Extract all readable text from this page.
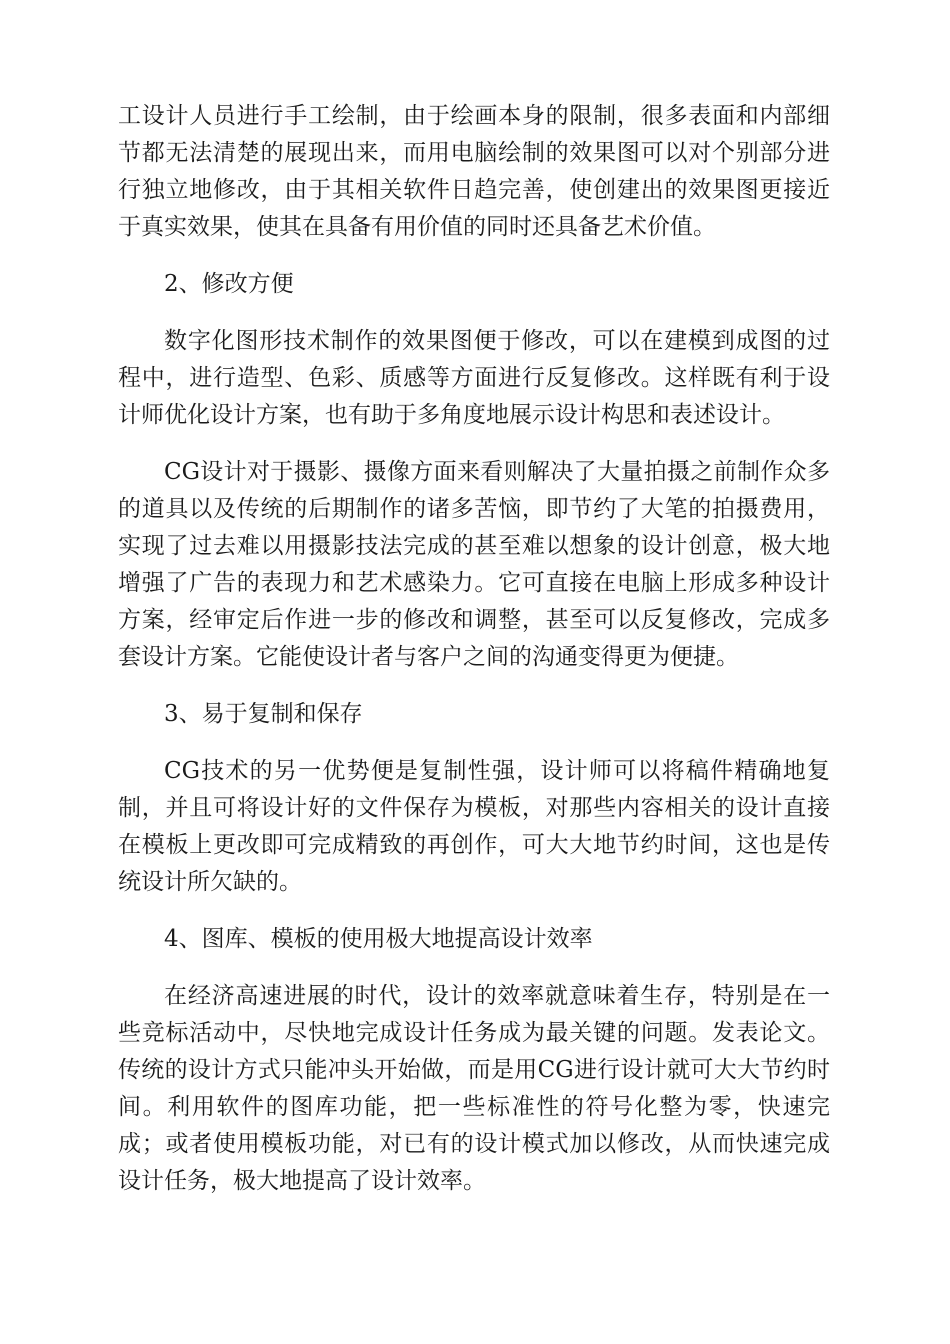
工设计人员进行手工绘制，由于绘画本身的限制，很多表面和内部细节都无法清楚的展现出来，而用电脑绘制的效果图可以对个别部分进行独立地修改，由于其相关软件日趋完善，使创建出的效果图更接近于真实效果，使其在具备有用价值的同时还具备艺术价值。

2、修改方便

数字化图形技术制作的效果图便于修改，可以在建模到成图的过程中，进行造型、色彩、质感等方面进行反复修改。这样既有利于设计师优化设计方案，也有助于多角度地展示设计构思和表述设计。

CG设计对于摄影、摄像方面来看则解决了大量拍摄之前制作众多的道具以及传统的后期制作的诸多苦恼，即节约了大笔的拍摄费用，实现了过去难以用摄影技法完成的甚至难以想象的设计创意，极大地增强了广告的表现力和艺术感染力。它可直接在电脑上形成多种设计方案，经审定后作进一步的修改和调整，甚至可以反复修改，完成多套设计方案。它能使设计者与客户之间的沟通变得更为便捷。

3、易于复制和保存

CG技术的另一优势便是复制性强，设计师可以将稿件精确地复制，并且可将设计好的文件保存为模板，对那些内容相关的设计直接在模板上更改即可完成精致的再创作，可大大地节约时间，这也是传统设计所欠缺的。

4、图库、模板的使用极大地提高设计效率

在经济高速进展的时代，设计的效率就意味着生存，特别是在一些竞标活动中，尽快地完成设计任务成为最关键的问题。发表论文。传统的设计方式只能冲头开始做，而是用CG进行设计就可大大节约时间。利用软件的图库功能，把一些标准性的符号化整为零，快速完成；或者使用模板功能，对已有的设计模式加以修改，从而快速完成设计任务，极大地提高了设计效率。
